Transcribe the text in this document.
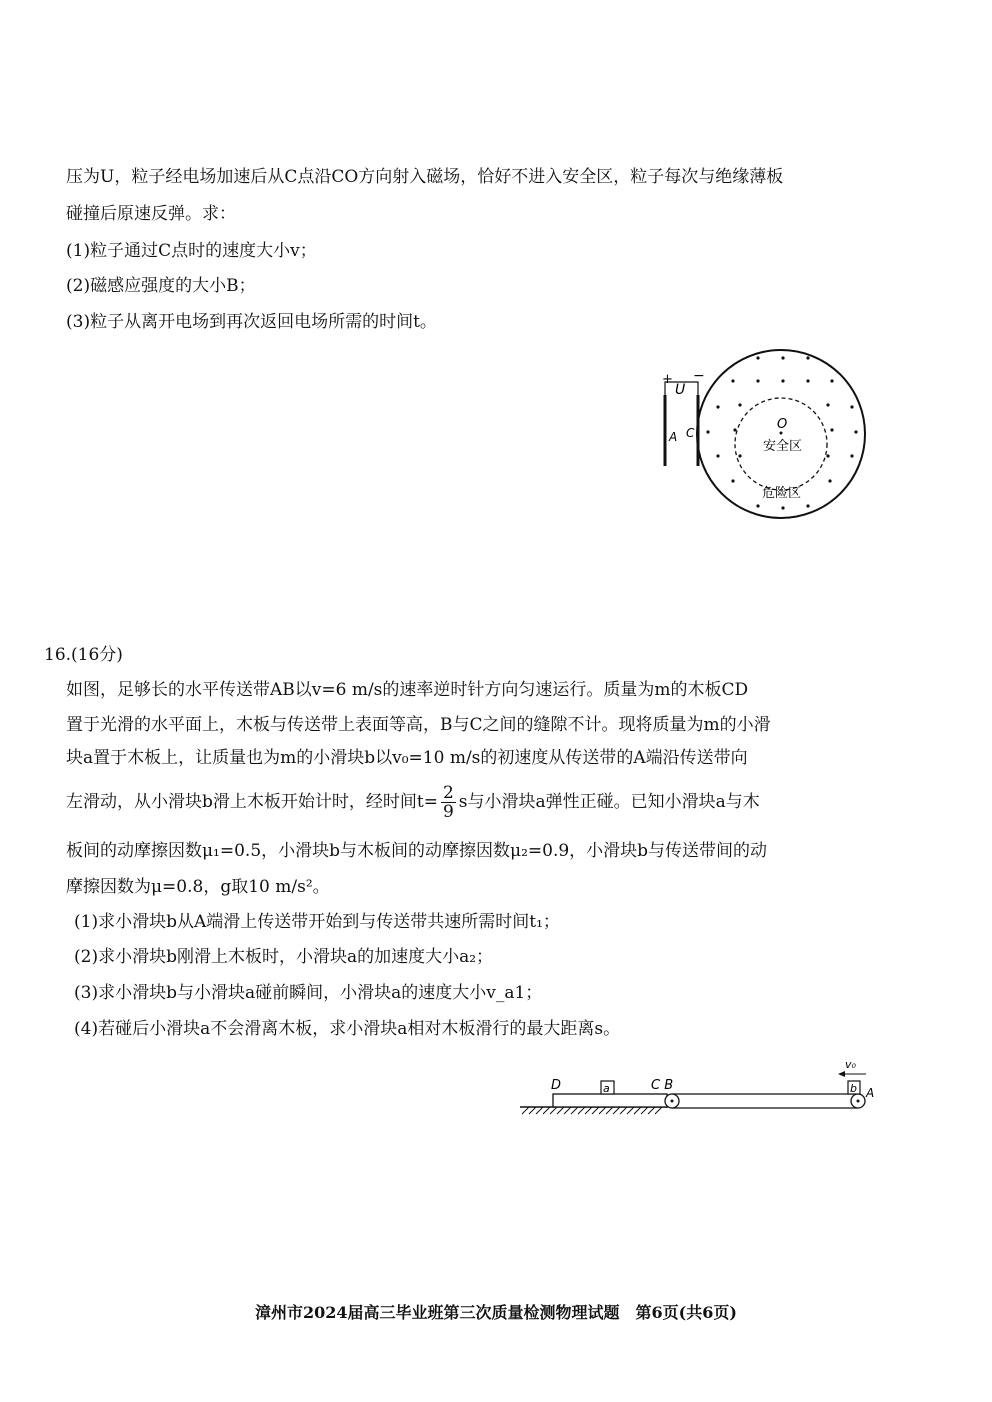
压为U，粒子经电场加速后从C点沿CO方向射入磁场，恰好不进入安全区，粒子每次与绝缘薄板
碰撞后原速反弹。求：
(1)粒子通过C点时的速度大小v；
(2)磁感应强度的大小B；
(3)粒子从离开电场到再次返回电场所需的时间t。
+ −
U
A C
O
安全区
危险区
16.(16分)
如图，足够长的水平传送带AB以v=6 m/s的速率逆时针方向匀速运行。质量为m的木板CD
置于光滑的水平面上，木板与传送带上表面等高，B与C之间的缝隙不计。现将质量为m的小滑
块a置于木板上，让质量也为m的小滑块b以v₀=10 m/s的初速度从传送带的A端沿传送带向
左滑动，从小滑块b滑上木板开始计时，经时间$t= \frac{2}{9}$ s与小滑块a弹性正碰。已知小滑块a与木
板间的动摩擦因数μ₁=0.5，小滑块b与木板间的动摩擦因数μ₂=0.9，小滑块b与传送带间的动
摩擦因数为μ=0.8，g取10 m/s²。
(1)求小滑块b从A端滑上传送带开始到与传送带共速所需时间t₁；
(2)求小滑块b刚滑上木板时，小滑块a的加速度大小a₂；
(3)求小滑块b与小滑块a碰前瞬间，小滑块a的速度大小v_a1；
(4)若碰后小滑块a不会滑离木板，求小滑块a相对木板滑行的最大距离s。
a
D	C B	b A
v₀
漳州市2024届高三毕业班第三次质量检测物理试题　第6页(共6页)
